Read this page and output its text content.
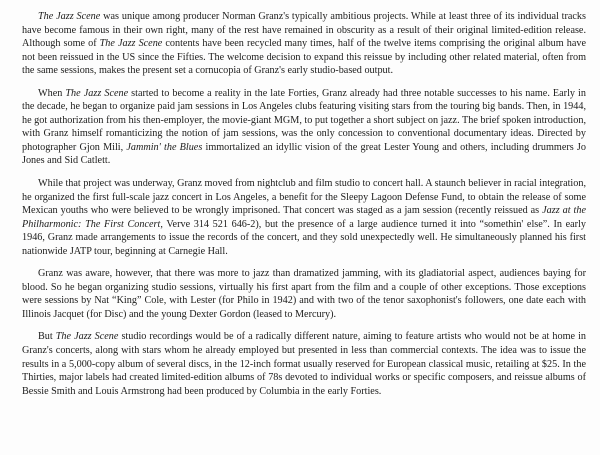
The Jazz Scene was unique among producer Norman Granz's typically ambitious projects. While at least three of its individual tracks have become famous in their own right, many of the rest have remained in obscurity as a result of their original limited-edition release. Although some of The Jazz Scene contents have been recycled many times, half of the twelve items comprising the original album have not been reissued in the US since the Fifties. The welcome decision to expand this reissue by including other related material, often from the same sessions, makes the present set a cornucopia of Granz's early studio-based output.

When The Jazz Scene started to become a reality in the late Forties, Granz already had three notable successes to his name. Early in the decade, he began to organize paid jam sessions in Los Angeles clubs featuring visiting stars from the touring big bands. Then, in 1944, he got authorization from his then-employer, the movie-giant MGM, to put together a short subject on jazz. The brief spoken introduction, with Granz himself romanticizing the notion of jam sessions, was the only concession to conventional documentary ideas. Directed by photographer Gjon Mili, Jammin' the Blues immortalized an idyllic vision of the great Lester Young and others, including drummers Jo Jones and Sid Catlett.

While that project was underway, Granz moved from nightclub and film studio to concert hall. A staunch believer in racial integration, he organized the first full-scale jazz concert in Los Angeles, a benefit for the Sleepy Lagoon Defense Fund, to obtain the release of some Mexican youths who were believed to be wrongly imprisoned. That concert was staged as a jam session (recently reissued as Jazz at the Philharmonic: The First Concert, Verve 314 521 646-2), but the presence of a large audience turned it into “somethin' else”. In early 1946, Granz made arrangements to issue the records of the concert, and they sold unexpectedly well. He simultaneously planned his first nationwide JATP tour, beginning at Carnegie Hall.

Granz was aware, however, that there was more to jazz than dramatized jamming, with its gladiatorial aspect, audiences baying for blood. So he began organizing studio sessions, virtually his first apart from the film and a couple of other exceptions. Those exceptions were sessions by Nat “King” Cole, with Lester (for Philo in 1942) and with two of the tenor saxophonist's followers, one date each with Illinois Jacquet (for Disc) and the young Dexter Gordon (leased to Mercury).

But The Jazz Scene studio recordings would be of a radically different nature, aiming to feature artists who would not be at home in Granz's concerts, along with stars whom he already employed but presented in less than commercial contexts. The idea was to issue the results in a 5,000-copy album of several discs, in the 12-inch format usually reserved for European classical music, retailing at $25. In the Thirties, major labels had created limited-edition albums of 78s devoted to individual works or specific composers, and reissue albums of Bessie Smith and Louis Armstrong had been produced by Columbia in the early Forties.
